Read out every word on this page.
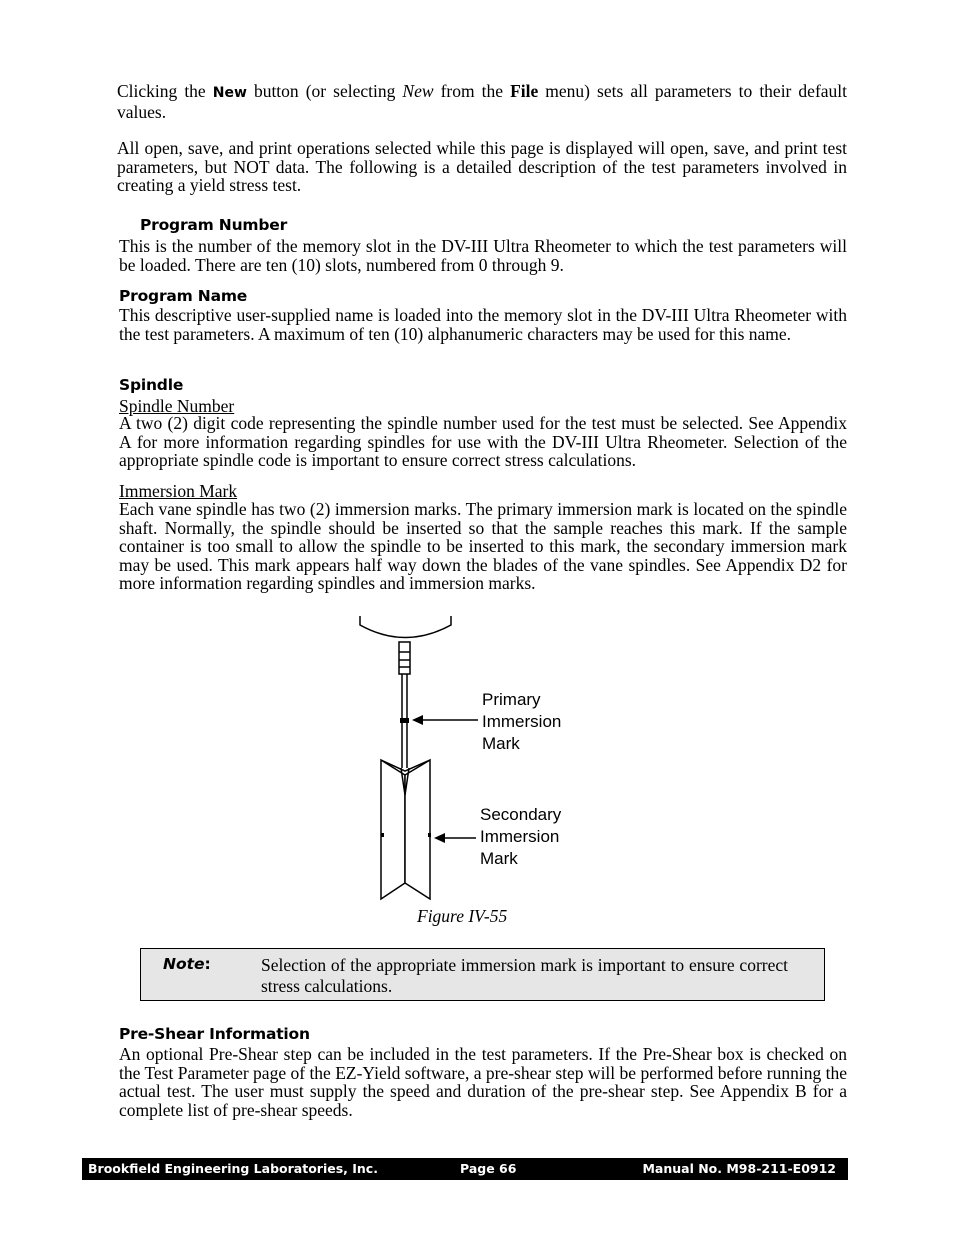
Clicking the New button (or selecting New from the File menu) sets all parameters to their default values.

All open, save, and print operations selected while this page is displayed will open, save, and print test parameters, but NOT data. The following is a detailed description of the test parameters involved in creating a yield stress test.

Program Number

This is the number of the memory slot in the DV-III Ultra Rheometer to which the test parameters will be loaded. There are ten (10) slots, numbered from 0 through 9.

Program Name

This descriptive user-supplied name is loaded into the memory slot in the DV-III Ultra Rheometer with the test parameters. A maximum of ten (10) alphanumeric characters may be used for this name.

Spindle

Spindle Number

A two (2) digit code representing the spindle number used for the test must be selected. See Appendix A for more information regarding spindles for use with the DV-III Ultra Rheometer. Selection of the appropriate spindle code is important to ensure correct stress calculations.

Immersion Mark

Each vane spindle has two (2) immersion marks. The primary immersion mark is located on the spindle shaft. Normally, the spindle should be inserted so that the sample reaches this mark. If the sample container is too small to allow the spindle to be inserted to this mark, the secondary immersion mark may be used. This mark appears half way down the blades of the vane spindles. See Appendix D2 for more information regarding spindles and immersion marks.

Primary
Immersion
Mark
Secondary
Immersion
Mark
Figure IV-55
Note:	Selection of the appropriate immersion mark is important to ensure correct stress calculations.
Pre-Shear Information

An optional Pre-Shear step can be included in the test parameters. If the Pre-Shear box is checked on the Test Parameter page of the EZ-Yield software, a pre-shear step will be performed before running the actual test. The user must supply the speed and duration of the pre-shear step. See Appendix B for a complete list of pre-shear speeds.

Brookfield Engineering Laboratories, Inc.	Page 66	Manual No. M98-211-E0912
